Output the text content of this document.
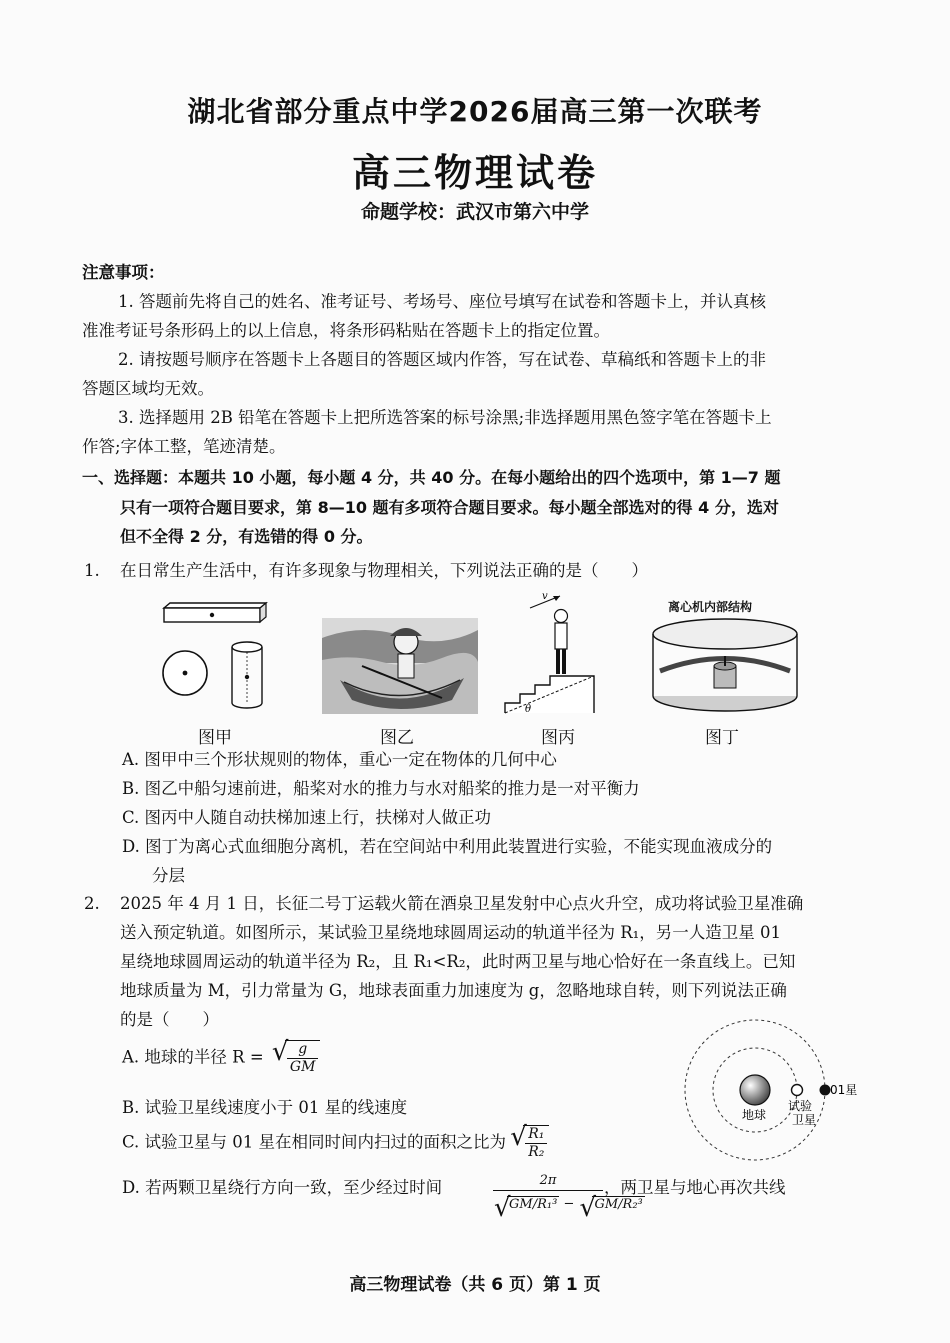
湖北省部分重点中学2026届高三第一次联考
高三物理试卷
命题学校：武汉市第六中学
注意事项：
1. 答题前先将自己的姓名、准考证号、考场号、座位号填写在试卷和答题卡上，并认真核
准准考证号条形码上的以上信息，将条形码粘贴在答题卡上的指定位置。
2. 请按题号顺序在答题卡上各题目的答题区域内作答，写在试卷、草稿纸和答题卡上的非
答题区域均无效。
3. 选择题用 2B 铅笔在答题卡上把所选答案的标号涂黑;非选择题用黑色签字笔在答题卡上
作答;字体工整，笔迹清楚。
一、选择题：本题共 10 小题，每小题 4 分，共 40 分。在每小题给出的四个选项中，第 1—7 题
只有一项符合题目要求，第 8—10 题有多项符合题目要求。每小题全部选对的得 4 分，选对
但不全得 2 分，有选错的得 0 分。
1. 在日常生产生活中，有许多现象与物理相关，下列说法正确的是（　　）
v
θ
离心机内部结构
图甲	图乙	图丙	图丁
A. 图甲中三个形状规则的物体，重心一定在物体的几何中心
B. 图乙中船匀速前进，船桨对水的推力与水对船桨的推力是一对平衡力
C. 图丙中人随自动扶梯加速上行，扶梯对人做正功
D. 图丁为离心式血细胞分离机，若在空间站中利用此装置进行实验，不能实现血液成分的
分层
2. 2025 年 4 月 1 日，长征二号丁运载火箭在酒泉卫星发射中心点火升空，成功将试验卫星准确
送入预定轨道。如图所示，某试验卫星绕地球圆周运动的轨道半径为 R₁，另一人造卫星 01
星绕地球圆周运动的轨道半径为 R₂，且 R₁<R₂，此时两卫星与地心恰好在一条直线上。已知
地球质量为 M，引力常量为 G，地球表面重力加速度为 g，忽略地球自转，则下列说法正确
的是（　　）
A. 地球的半径 R = √ $\frac{g}{GM}$
B. 试验卫星线速度小于 01 星的线速度
C. 试验卫星与 01 星在相同时间内扫过的面积之比为 √ $\frac{\text{R₁}}{\text{R₂}}$
D. 若两颗卫星绕行方向一致，至少经过时间	2π
√ GM/R₁³ − √ GM/R₂³
，两卫星与地心再次共线
地球
试验
卫星
01星
高三物理试卷（共 6 页）第 1 页
